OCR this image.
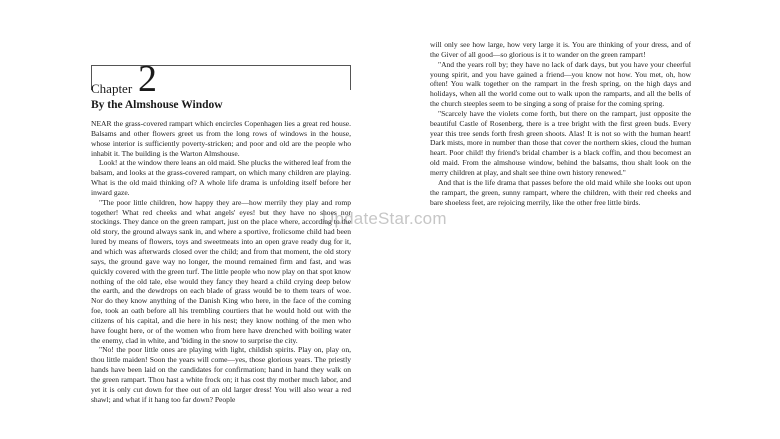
Chapter 2
By the Almshouse Window

NEAR the grass-covered rampart which encircles Copenhagen lies a great red house. Balsams and other flowers greet us from the long rows of windows in the house, whose interior is sufficiently poverty-stricken; and poor and old are the people who inhabit it. The building is the Warton Almshouse.

Look! at the window there leans an old maid. She plucks the withered leaf from the balsam, and looks at the grass-covered rampart, on which many children are playing. What is the old maid thinking of? A whole life drama is unfolding itself before her inward gaze.

"The poor little children, how happy they are—how merrily they play and romp together! What red cheeks and what angels' eyes! but they have no shoes nor stockings. They dance on the green rampart, just on the place where, according to the old story, the ground always sank in, and where a sportive, frolicsome child had been lured by means of flowers, toys and sweetmeats into an open grave ready dug for it, and which was afterwards closed over the child; and from that moment, the old story says, the ground gave way no longer, the mound remained firm and fast, and was quickly covered with the green turf. The little people who now play on that spot know nothing of the old tale, else would they fancy they heard a child crying deep below the earth, and the dewdrops on each blade of grass would be to them tears of woe. Nor do they know anything of the Danish King who here, in the face of the coming foe, took an oath before all his trembling courtiers that he would hold out with the citizens of his capital, and die here in his nest; they know nothing of the men who have fought here, or of the women who from here have drenched with boiling water the enemy, clad in white, and 'biding in the snow to surprise the city.

"No! the poor little ones are playing with light, childish spirits. Play on, play on, thou little maiden! Soon the years will come—yes, those glorious years. The priestly hands have been laid on the candidates for confirmation; hand in hand they walk on the green rampart. Thou hast a white frock on; it has cost thy mother much labor, and yet it is only cut down for thee out of an old larger dress! You will also wear a red shawl; and what if it hang too far down? People

will only see how large, how very large it is. You are thinking of your dress, and of the Giver of all good—so glorious is it to wander on the green rampart!

"And the years roll by; they have no lack of dark days, but you have your cheerful young spirit, and you have gained a friend—you know not how. You met, oh, how often! You walk together on the rampart in the fresh spring, on the high days and holidays, when all the world come out to walk upon the ramparts, and all the bells of the church steeples seem to be singing a song of praise for the coming spring.

"Scarcely have the violets come forth, but there on the rampart, just opposite the beautiful Castle of Rosenberg, there is a tree bright with the first green buds. Every year this tree sends forth fresh green shoots. Alas! It is not so with the human heart! Dark mists, more in number than those that cover the northern skies, cloud the human heart. Poor child! thy friend's bridal chamber is a black coffin, and thou becomest an old maid. From the almshouse window, behind the balsams, thou shalt look on the merry children at play, and shalt see thine own history renewed."

And that is the life drama that passes before the old maid while she looks out upon the rampart, the green, sunny rampart, where the children, with their red cheeks and bare shoeless feet, are rejoicing merrily, like the other free little birds.

UpdateStar.com
